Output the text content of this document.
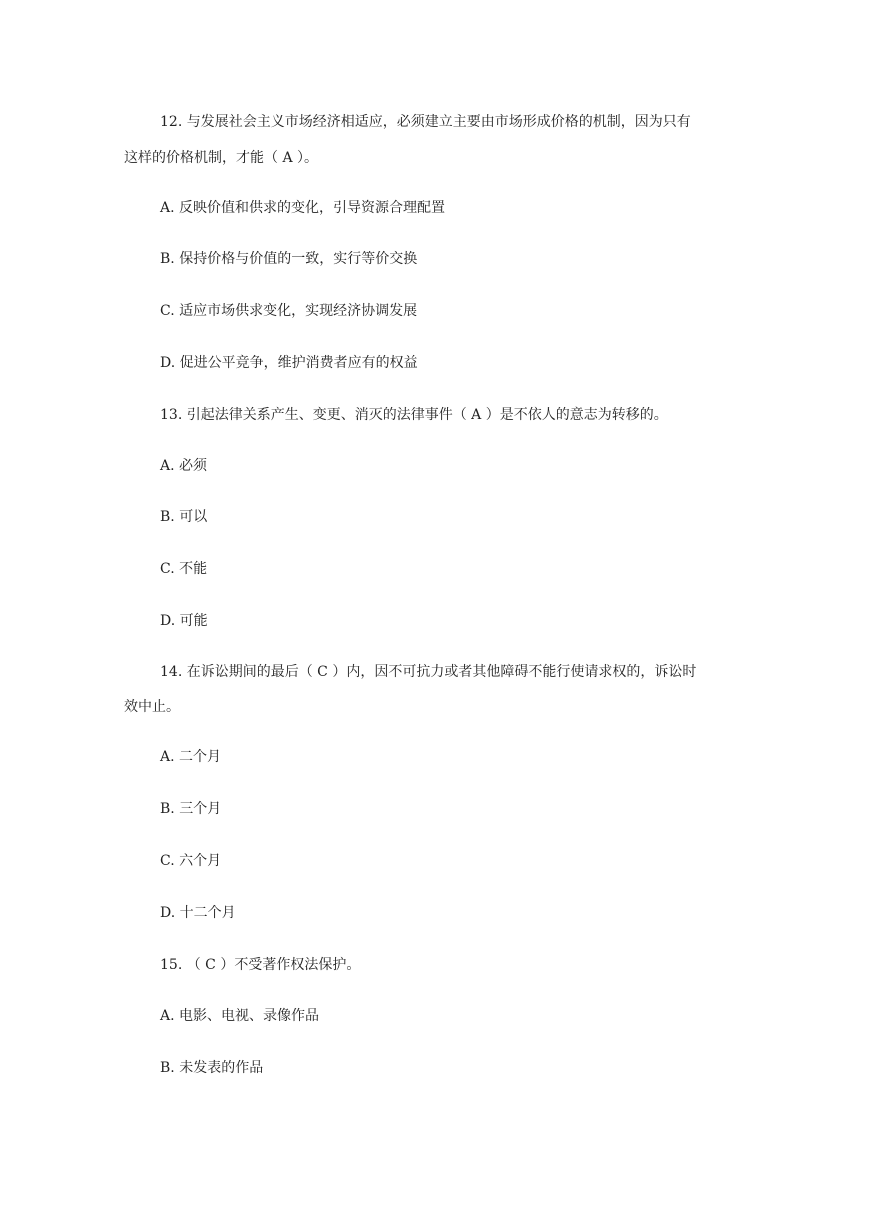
12. 与发展社会主义市场经济相适应，必须建立主要由市场形成价格的机制，因为只有
这样的价格机制，才能（ A ）。
A. 反映价值和供求的变化，引导资源合理配置
B. 保持价格与价值的一致，实行等价交换
C. 适应市场供求变化，实现经济协调发展
D. 促进公平竞争，维护消费者应有的权益
13. 引起法律关系产生、变更、消灭的法律事件（ A ）是不依人的意志为转移的。
A. 必须
B. 可以
C. 不能
D. 可能
14. 在诉讼期间的最后（ C ）内，因不可抗力或者其他障碍不能行使请求权的，诉讼时
效中止。
A. 二个月
B. 三个月
C. 六个月
D. 十二个月
15. （ C ）不受著作权法保护。
A. 电影、电视、录像作品
B. 未发表的作品
